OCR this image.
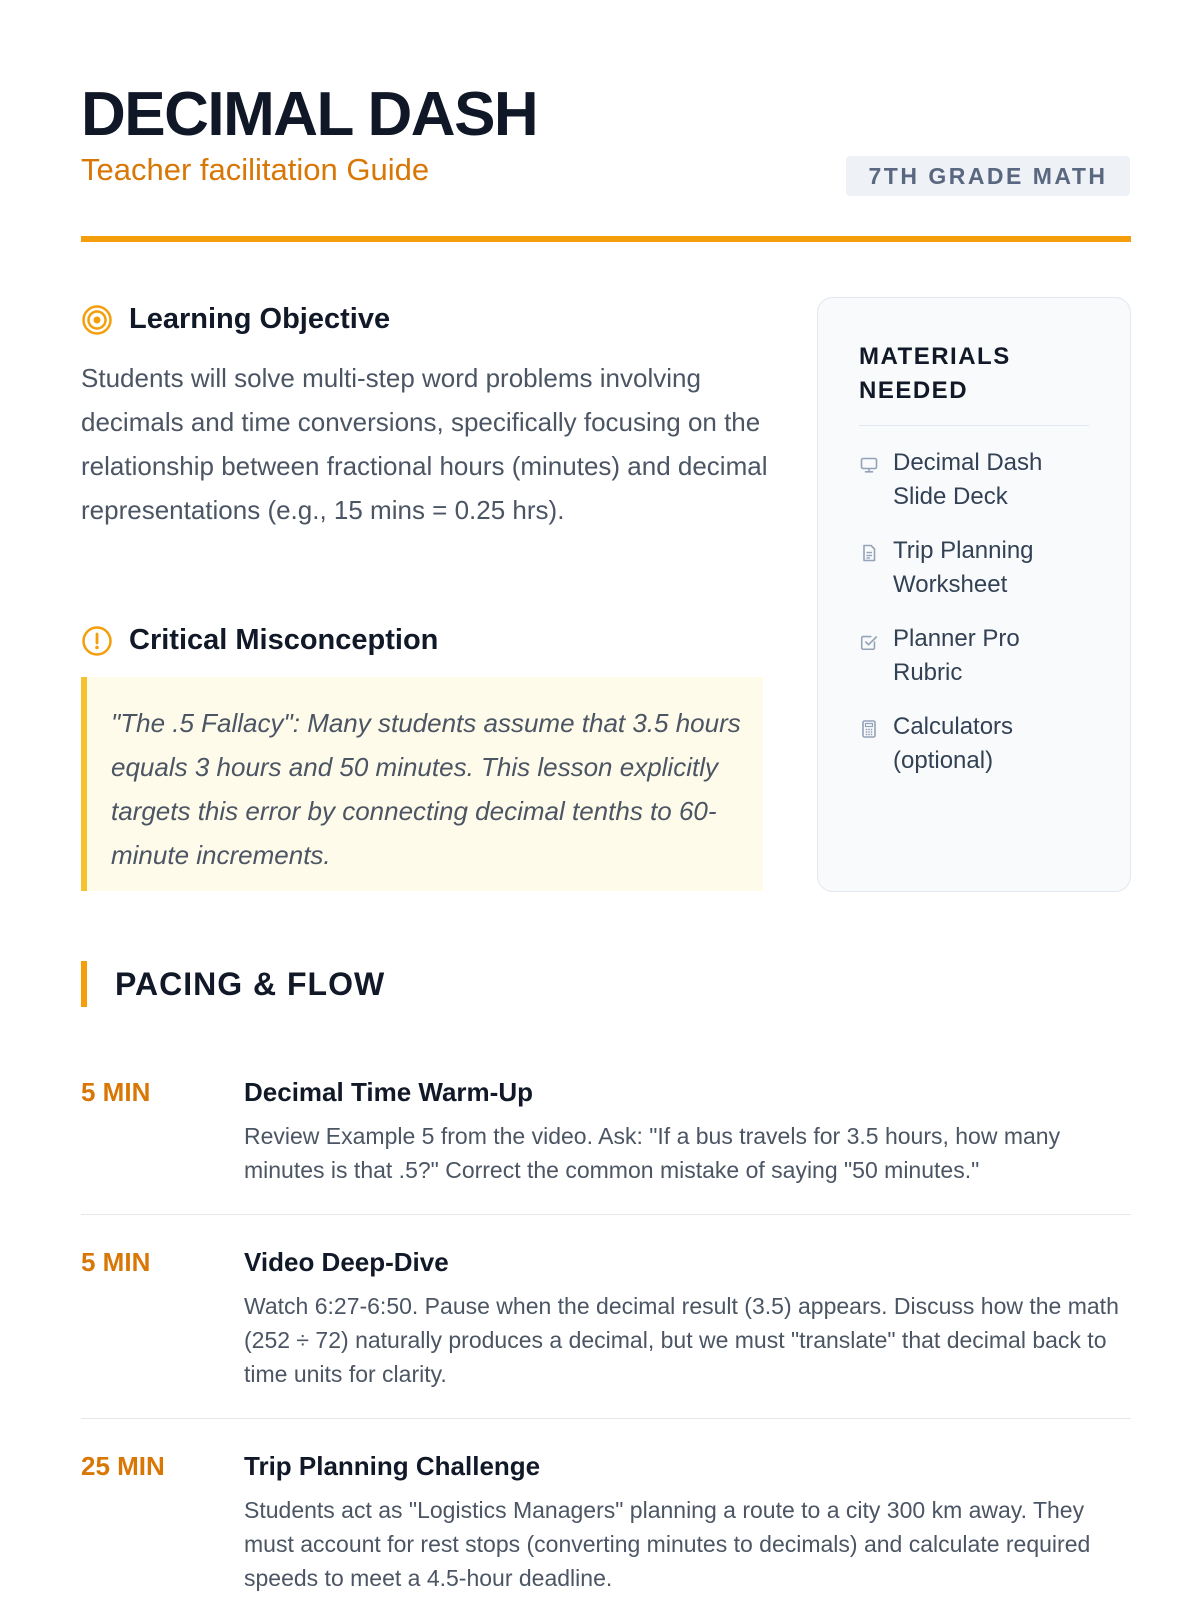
DECIMAL DASH
Teacher facilitation Guide	7TH GRADE MATH
Learning Objective
Students will solve multi-step word problems involving decimals and time conversions, specifically focusing on the relationship between fractional hours (minutes) and decimal representations (e.g., 15 mins = 0.25 hrs).
Critical Misconception

"The .5 Fallacy": Many students assume that 3.5 hours equals 3 hours and 50 minutes. This lesson explicitly targets this error by connecting decimal tenths to 60-minute increments.

MATERIALS NEEDED
Decimal Dash Slide Deck
Trip Planning Worksheet
Planner Pro Rubric
Calculators (optional)
PACING & FLOW
5 MIN	Decimal Time Warm-Up
Review Example 5 from the video. Ask: "If a bus travels for 3.5 hours, how many minutes is that .5?" Correct the common mistake of saying "50 minutes."
5 MIN	Video Deep-Dive
Watch 6:27-6:50. Pause when the decimal result (3.5) appears. Discuss how the math (252 ÷ 72) naturally produces a decimal, but we must "translate" that decimal back to time units for clarity.
25 MIN	Trip Planning Challenge
Students act as "Logistics Managers" planning a route to a city 300 km away. They must account for rest stops (converting minutes to decimals) and calculate required speeds to meet a 4.5-hour deadline.
